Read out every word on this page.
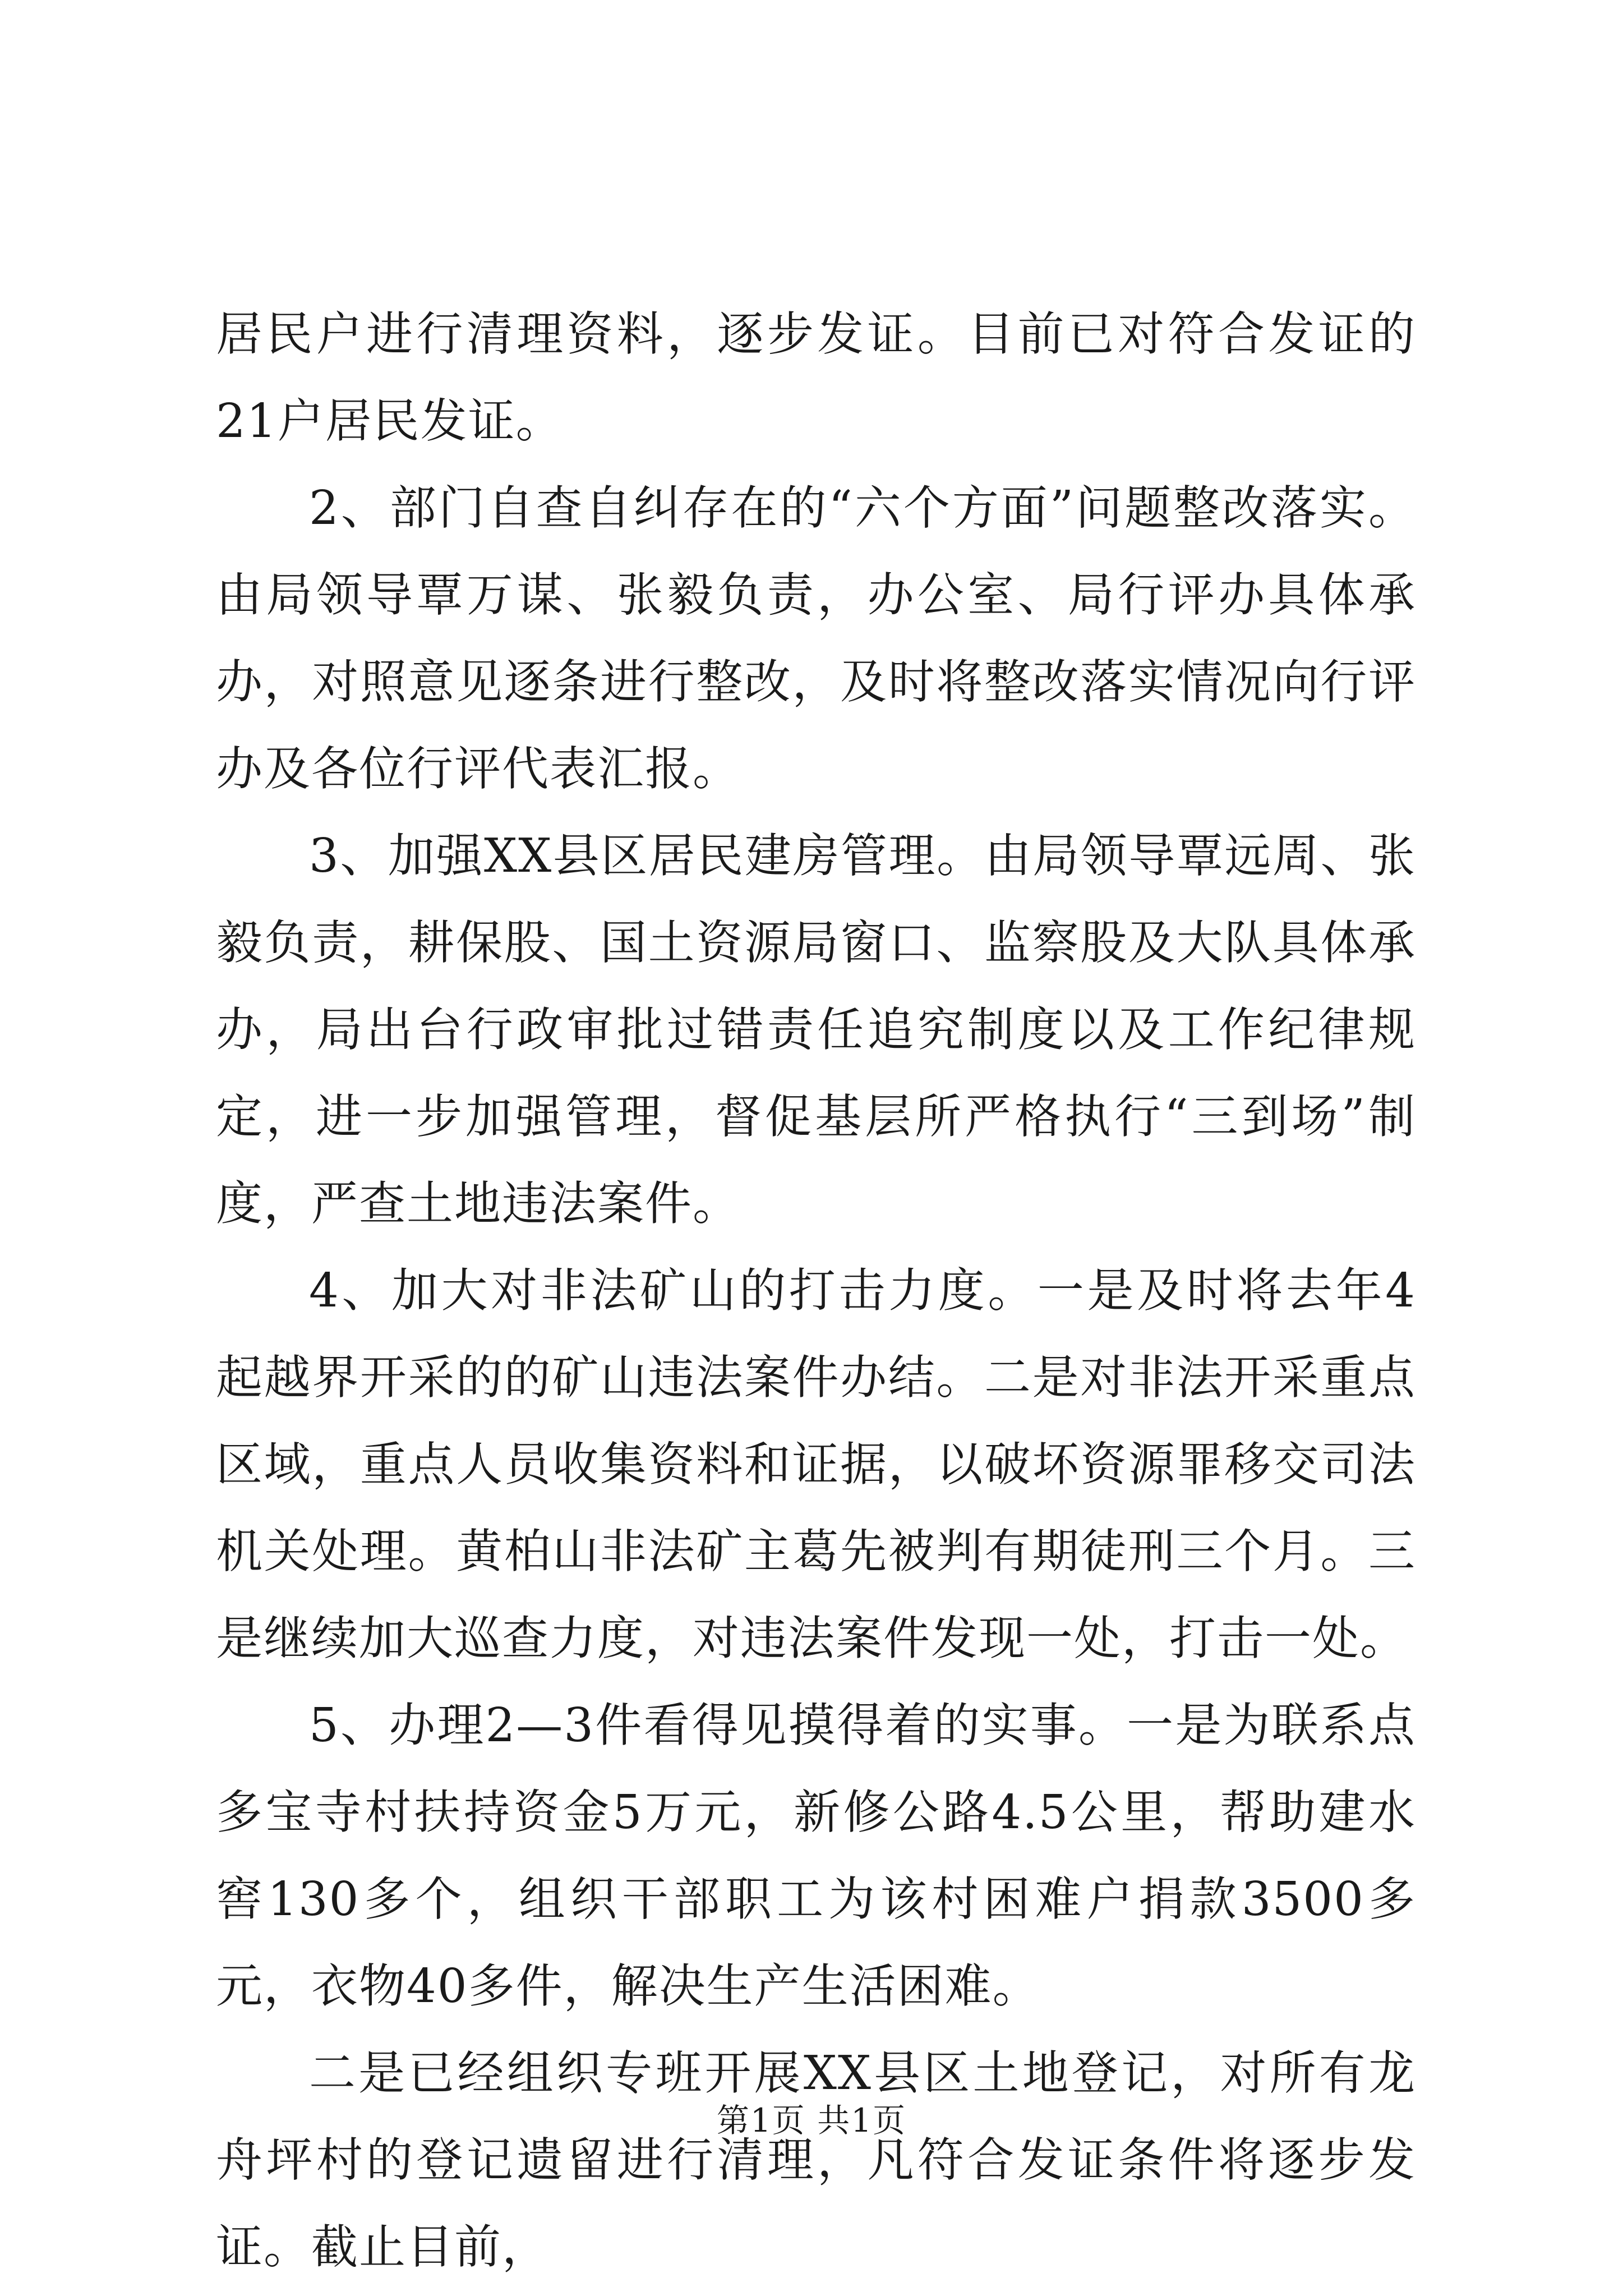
居民户进行清理资料，逐步发证。目前已对符合发证的21户居民发证。

2、部门自查自纠存在的“六个方面”问题整改落实。由局领导覃万谋、张毅负责，办公室、局行评办具体承办，对照意见逐条进行整改，及时将整改落实情况向行评办及各位行评代表汇报。

3、加强XX县区居民建房管理。由局领导覃远周、张毅负责，耕保股、国土资源局窗口、监察股及大队具体承办，局出台行政审批过错责任追究制度以及工作纪律规定，进一步加强管理，督促基层所严格执行“三到场”制度，严查土地违法案件。

4、加大对非法矿山的打击力度。一是及时将去年4起越界开采的的矿山违法案件办结。二是对非法开采重点区域，重点人员收集资料和证据，以破坏资源罪移交司法机关处理。黄柏山非法矿主葛先被判有期徒刑三个月。三是继续加大巡查力度，对违法案件发现一处，打击一处。

5、办理2—3件看得见摸得着的实事。一是为联系点多宝寺村扶持资金5万元，新修公路4.5公里，帮助建水窖130多个，组织干部职工为该村困难户捐款3500多元，衣物40多件，解决生产生活困难。

二是已经组织专班开展XX县区土地登记，对所有龙舟坪村的登记遗留进行清理，凡符合发证条件将逐步发证。截止目前，

第1页 共1页
